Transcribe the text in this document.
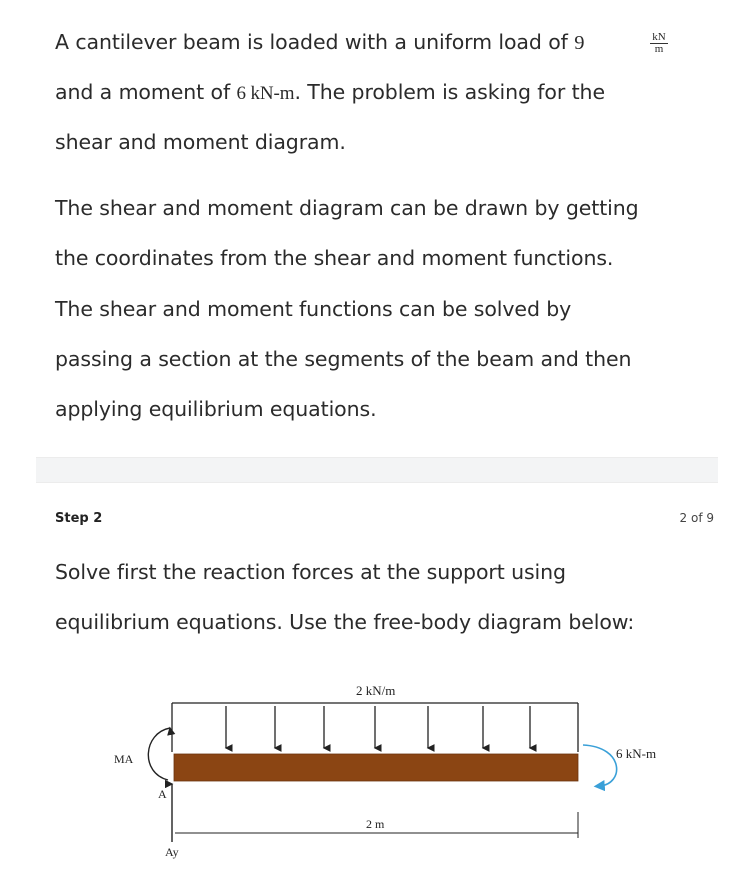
A cantilever beam is loaded with a uniform load of 9	$\frac{kN}{m}$
and a moment of 6 kN-m. The problem is asking for the
shear and moment diagram.
The shear and moment diagram can be drawn by getting
the coordinates from the shear and moment functions.
The shear and moment functions can be solved by
passing a section at the segments of the beam and then
applying equilibrium equations.
Step 2	2 of 9
Solve first the reaction forces at the support using
equilibrium equations. Use the free-body diagram below:
2 kN/m
MA
A
Ay
6 kN-m
2 m
